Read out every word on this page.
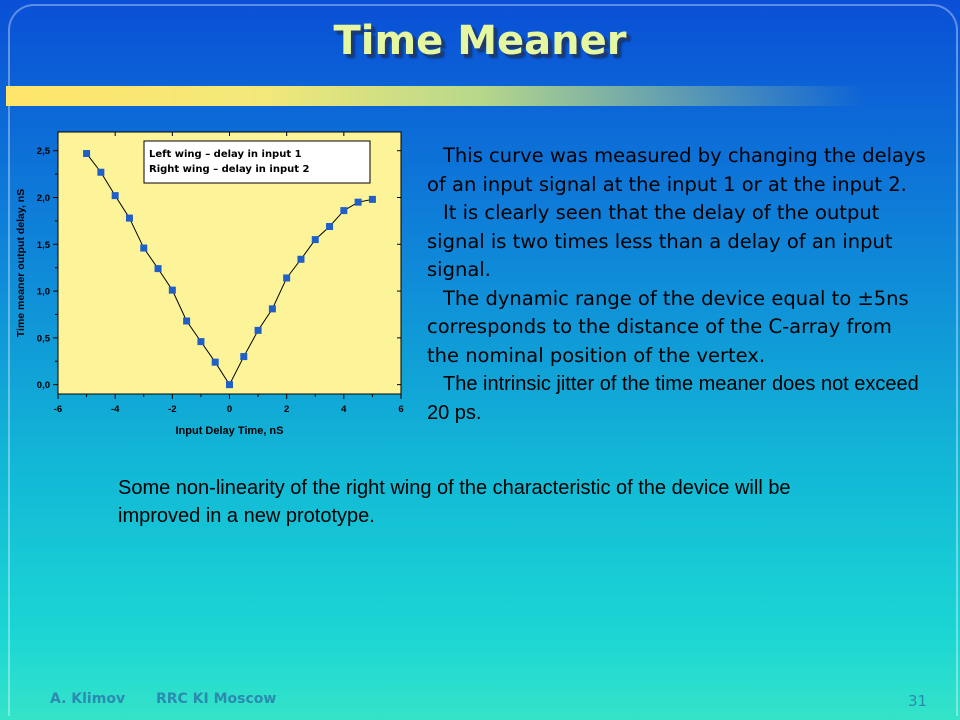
Time Meaner
-6	-4	-2	0	2	4	6
0,0
0,5
1,0
1,5
2,0
2,5
Input Delay Time, nS
Time meaner output delay, nS
Left wing – delay in input 1
Right wing – delay in input 2

This curve was measured by changing the delays of an input signal at the input 1 or at the input 2.

It is clearly seen that the delay of the output signal is two times less than a delay of an input signal.

The dynamic range of the device equal to ±5ns corresponds to the distance of the C-array from the nominal position of the vertex.

The intrinsic jitter of the time meaner does not exceed 20 ps.

Some non-linearity of the right wing of the characteristic of the device will be improved in a new prototype.
A. Klimov RRC KI Moscow	31
